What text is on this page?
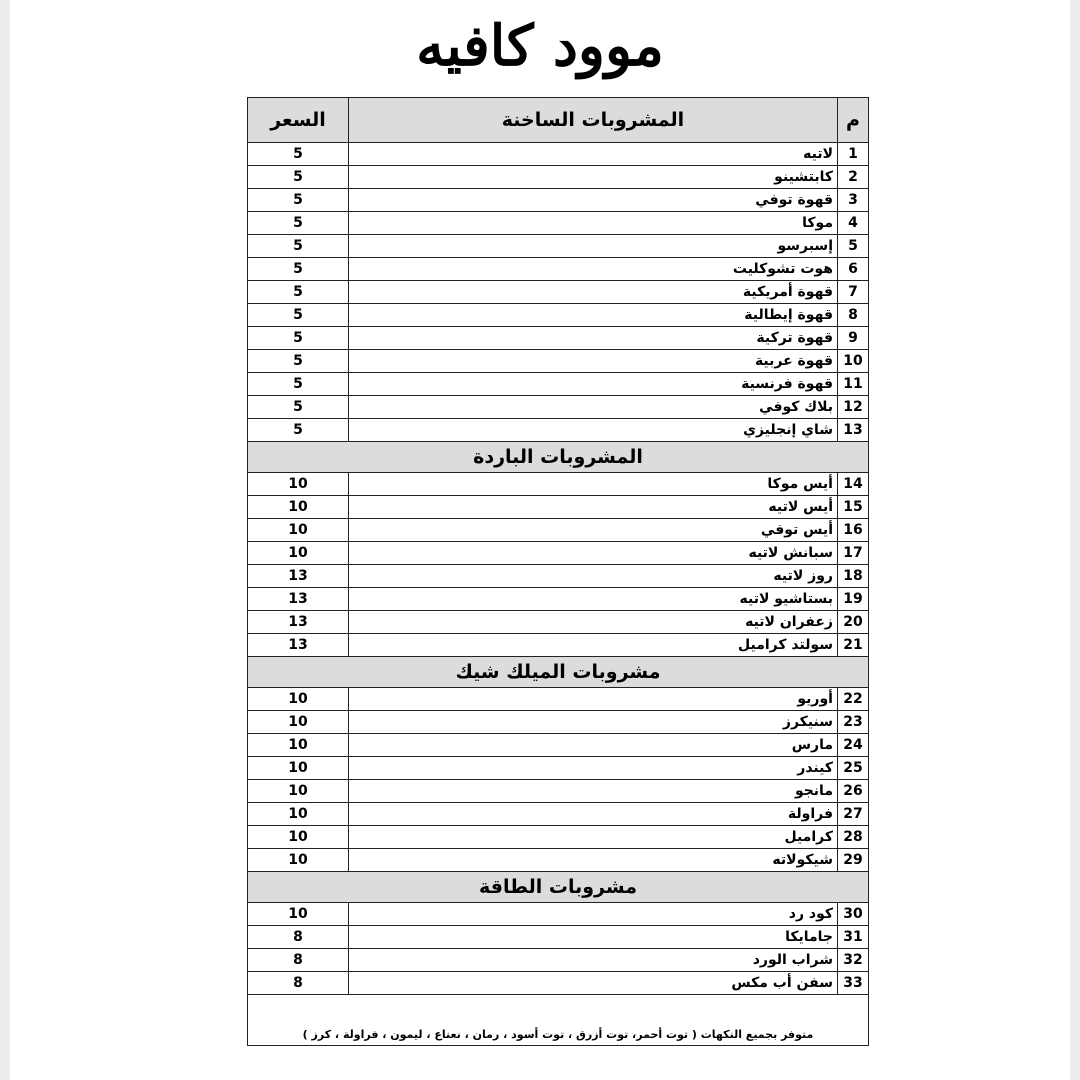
موود كافيه
م	المشروبات الساخنة	السعر
1	لاتيه	5
2	كابتشينو	5
3	قهوة توفي	5
4	موكا	5
5	إسبرسو	5
6	هوت تشوكليت	5
7	قهوة أمريكية	5
8	قهوة إيطالية	5
9	قهوة تركية	5
10	قهوة عربية	5
11	قهوة فرنسية	5
12	بلاك كوفي	5
13	شاي إنجليزي	5
المشروبات الباردة		
14	أيس موكا	10
15	أيس لاتيه	10
16	أيس توفي	10
17	سبانش لاتيه	10
18	روز لاتيه	13
19	بستاشيو لاتيه	13
20	زعفران لاتيه	13
21	سولتد كراميل	13
مشروبات الميلك شيك		
22	أوريو	10
23	سنيكرز	10
24	مارس	10
25	كيندر	10
26	مانجو	10
27	فراولة	10
28	كراميل	10
29	شيكولاته	10
مشروبات الطاقة		
30	كود رد	10
31	جامايكا	8
32	شراب الورد	8
33	سفن أب مكس	8
متوفر بجميع النكهات ( توت أحمر، توت أزرق ، توت أسود ، رمان ، نعناع ، ليمون ، فراولة ، كرز )		
